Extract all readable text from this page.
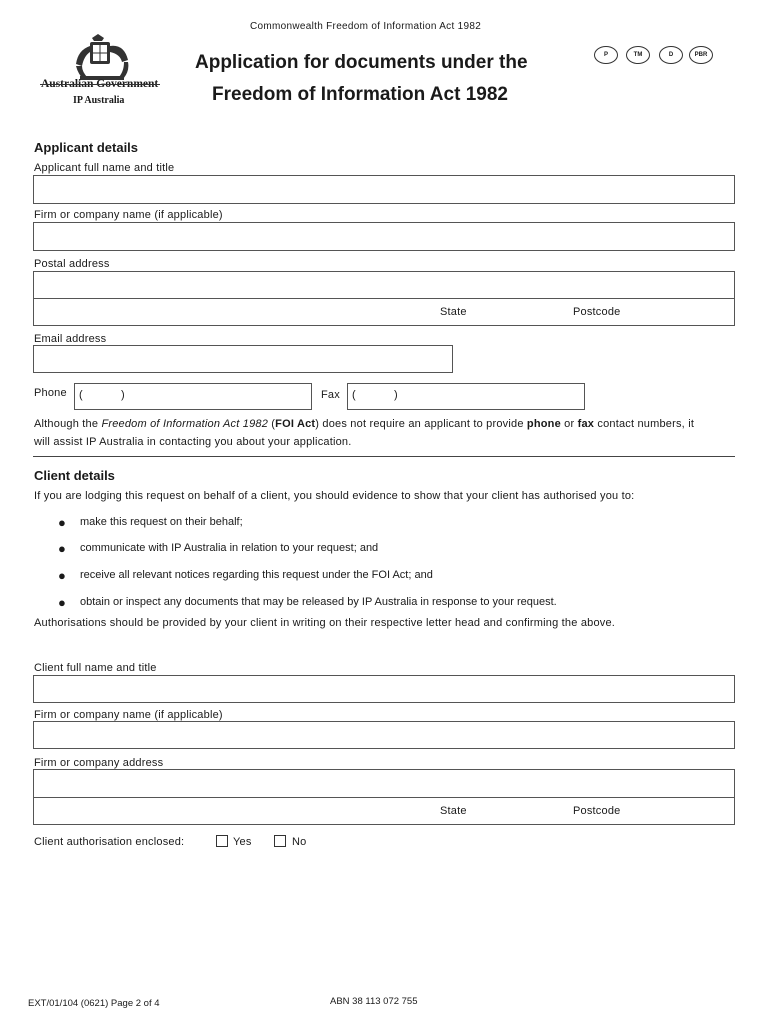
Commonwealth Freedom of Information Act 1982
Australian Government
IP Australia
Application for documents under the
Freedom of Information Act 1982
P	TM	D	PBR
Applicant details
Applicant full name and title
Firm or company name (if applicable)
Postal address
State	Postcode
Email address
Phone (	)	Fax (	)
Although the Freedom of Information Act 1982 (FOI Act) does not require an applicant to provide phone or fax contact numbers, it
will assist IP Australia in contacting you about your application.
Client details
If you are lodging this request on behalf of a client, you should evidence to show that your client has authorised you to:
● make this request on their behalf;
● communicate with IP Australia in relation to your request; and
● receive all relevant notices regarding this request under the FOI Act; and
● obtain or inspect any documents that may be released by IP Australia in response to your request.
Authorisations should be provided by your client in writing on their respective letter head and confirming the above.
Client full name and title
Firm or company name (if applicable)
Firm or company address
State	Postcode
Client authorisation enclosed:	Yes	No
EXT/01/104 (0621) Page 2 of 4	ABN 38 113 072 755
